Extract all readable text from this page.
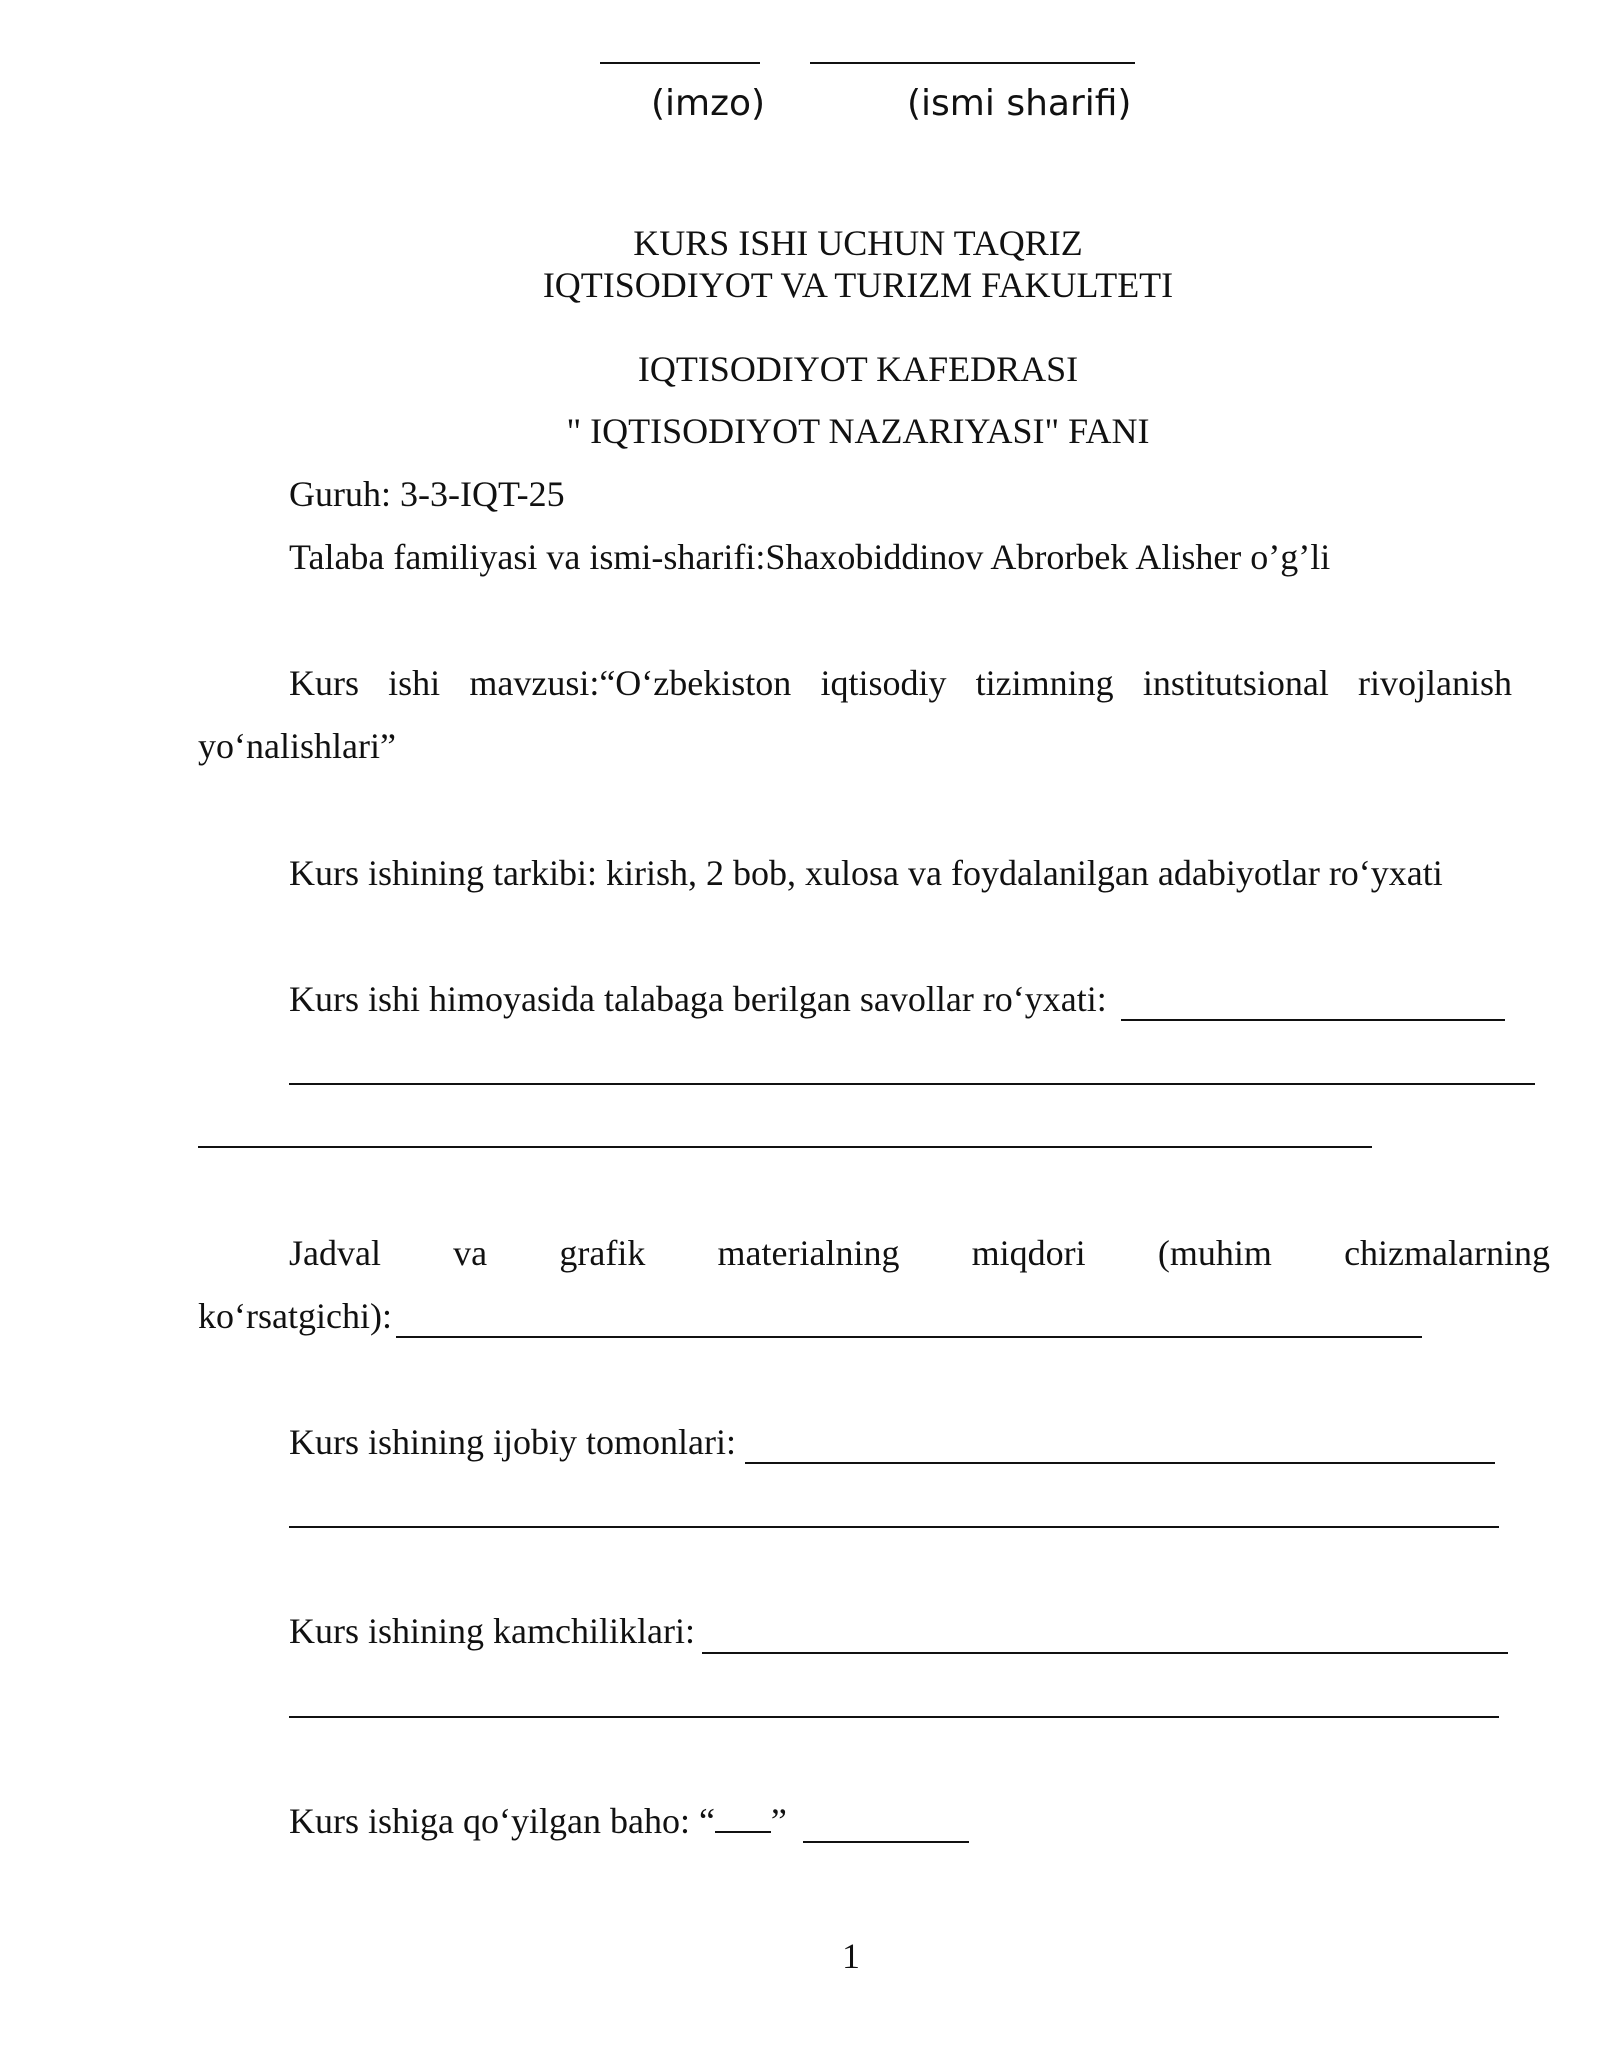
(imzo)	(ismi sharifi)
KURS ISHI UCHUN TAQRIZ
IQTISODIYOT VA TURIZM FAKULTETI
IQTISODIYOT KAFEDRASI
" IQTISODIYOT NAZARIYASI" FANI
Guruh: 3-3-IQT-25
Talaba familiyasi va ismi-sharifi:Shaxobiddinov Abrorbek Alisher o’g’li
Kurs ishi mavzusi:“O‘zbekiston iqtisodiy tizimning institutsional rivojlanish
yo‘nalishlari”
Kurs ishining tarkibi: kirish, 2 bob, xulosa va foydalanilgan adabiyotlar ro‘yxati
Kurs ishi himoyasida talabaga berilgan savollar ro‘yxati:
Jadval va grafik materialning miqdori (muhim chizmalarning
ko‘rsatgichi):
Kurs ishining ijobiy tomonlari:
Kurs ishining kamchiliklari:
Kurs ishiga qo‘yilgan baho: “ ”
1
